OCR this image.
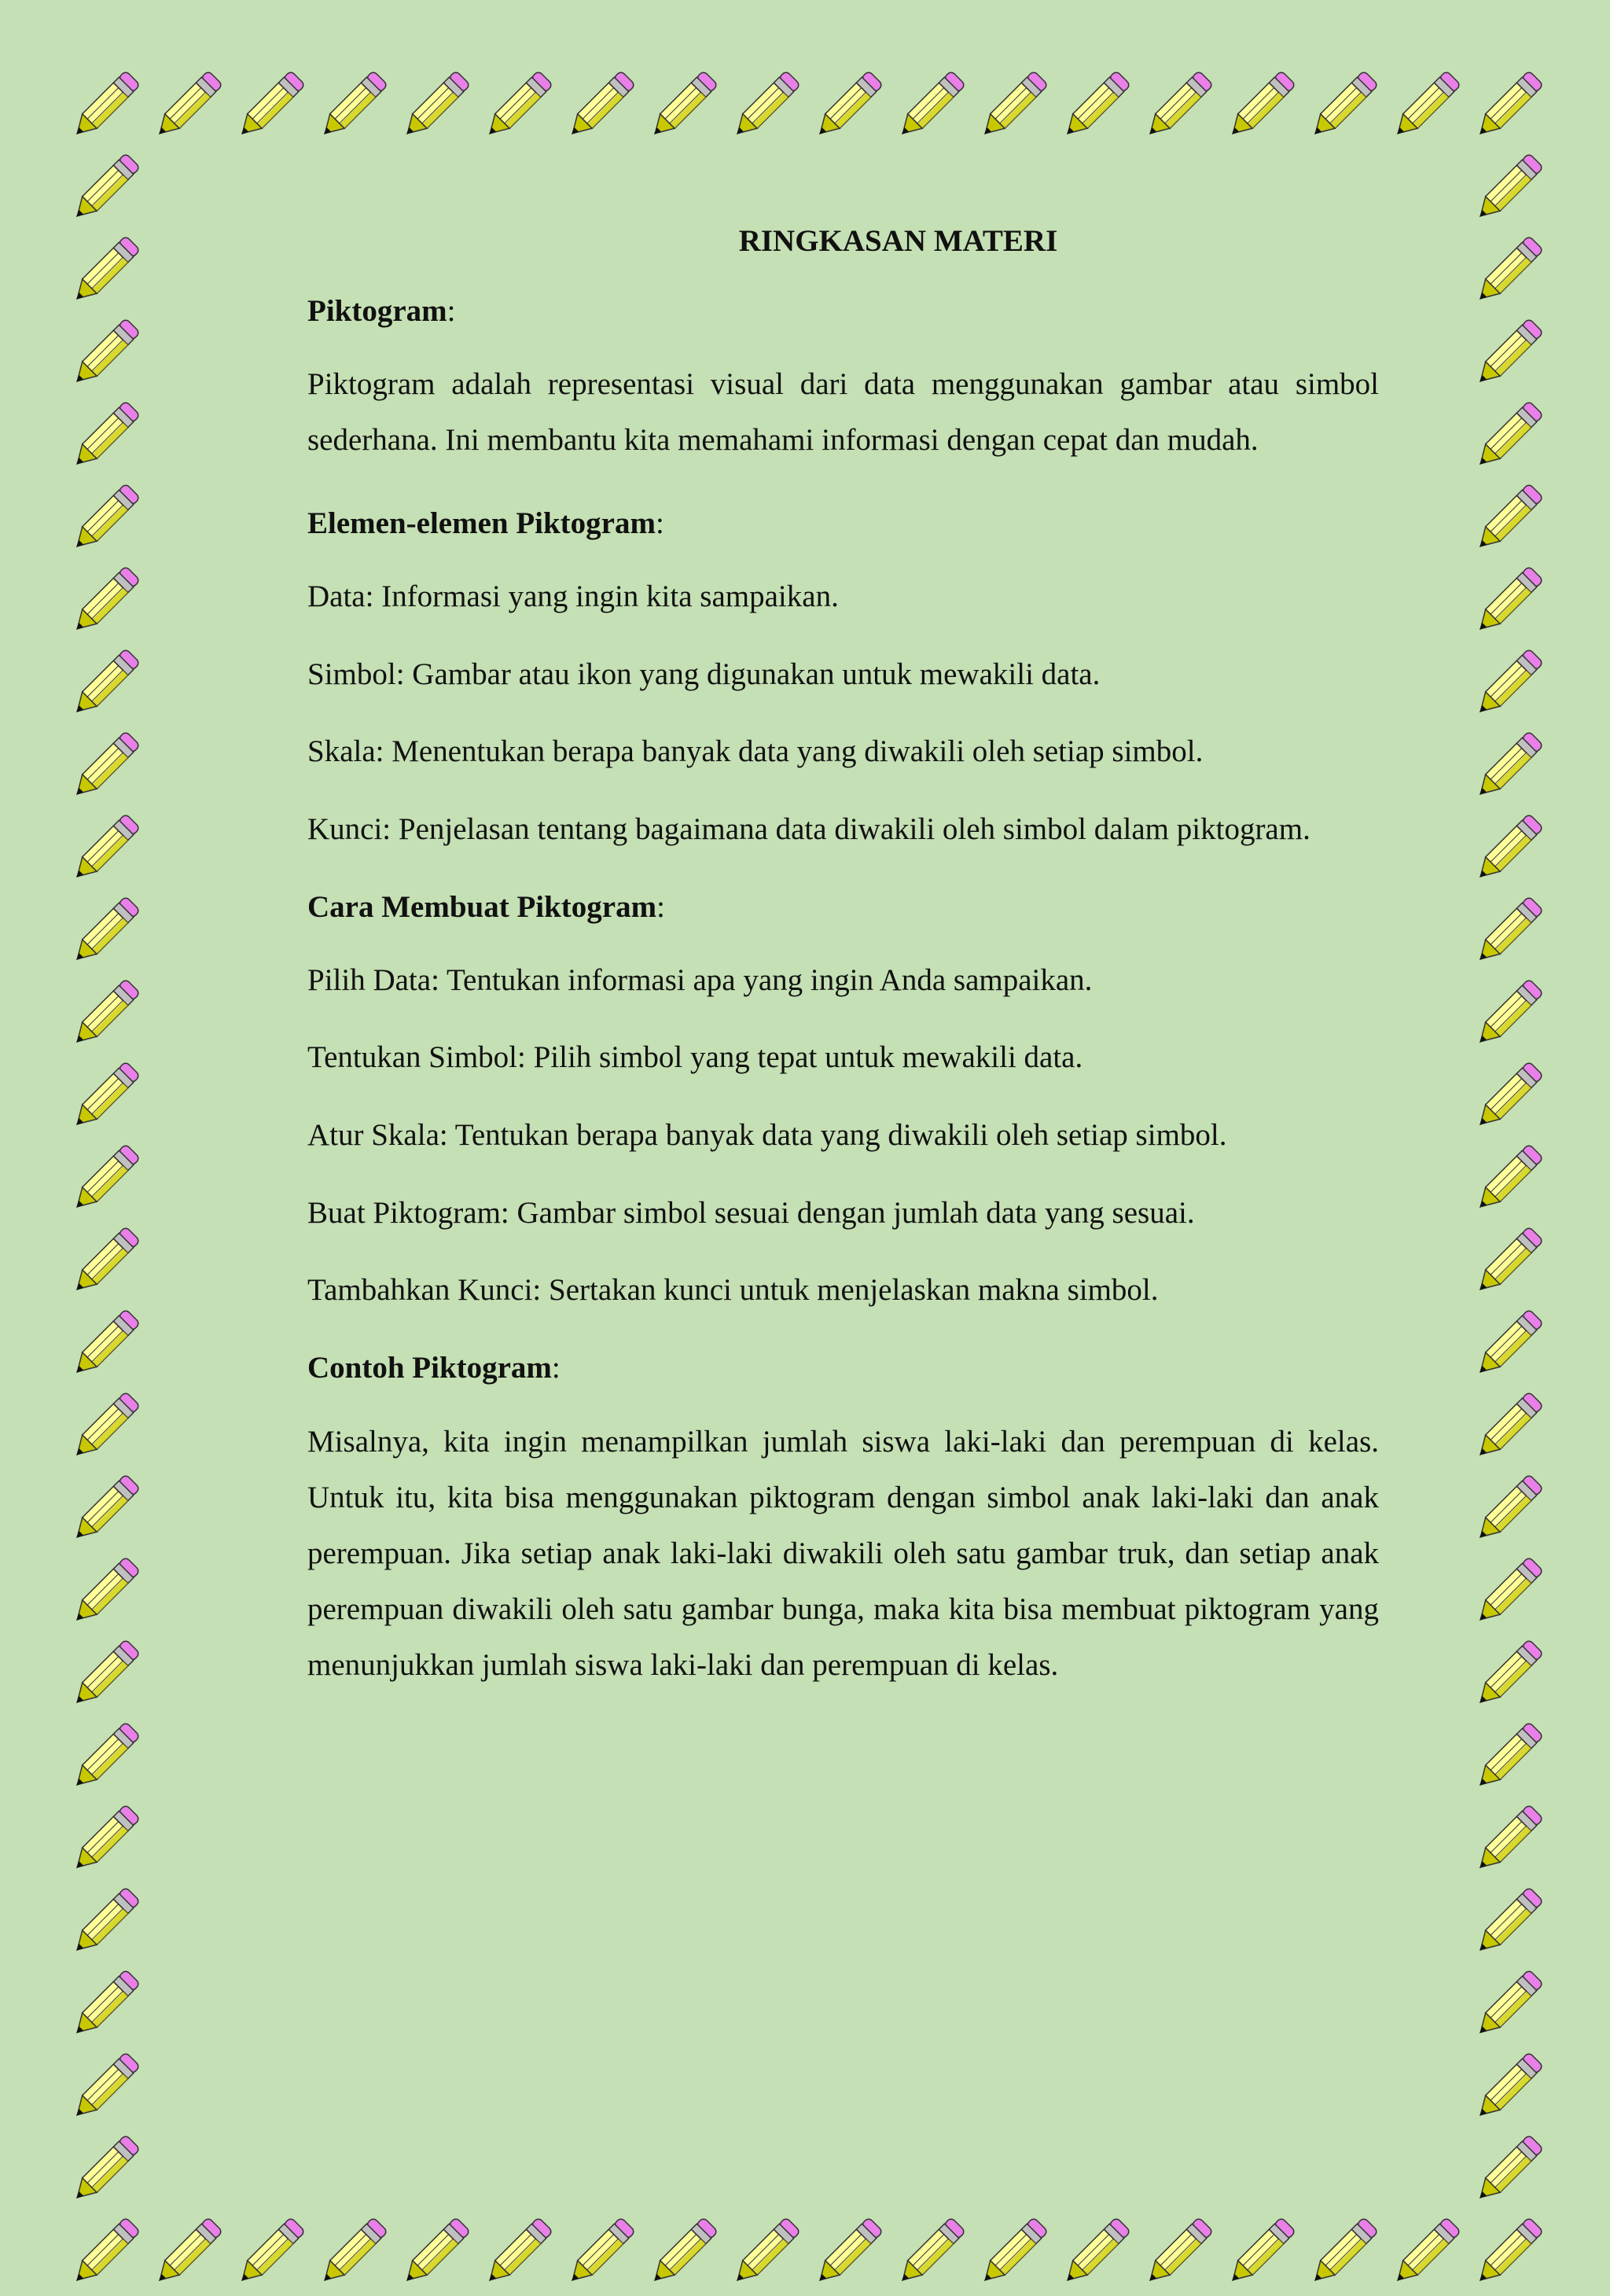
RINGKASAN MATERI
Piktogram:
Piktogram adalah representasi visual dari data menggunakan gambar atau simbol sederhana. Ini membantu kita memahami informasi dengan cepat dan mudah.
Elemen-elemen Piktogram:
Data: Informasi yang ingin kita sampaikan.
Simbol: Gambar atau ikon yang digunakan untuk mewakili data.
Skala: Menentukan berapa banyak data yang diwakili oleh setiap simbol.
Kunci: Penjelasan tentang bagaimana data diwakili oleh simbol dalam piktogram.
Cara Membuat Piktogram:
Pilih Data: Tentukan informasi apa yang ingin Anda sampaikan.
Tentukan Simbol: Pilih simbol yang tepat untuk mewakili data.
Atur Skala: Tentukan berapa banyak data yang diwakili oleh setiap simbol.
Buat Piktogram: Gambar simbol sesuai dengan jumlah data yang sesuai.
Tambahkan Kunci: Sertakan kunci untuk menjelaskan makna simbol.
Contoh Piktogram:
Misalnya, kita ingin menampilkan jumlah siswa laki-laki dan perempuan di kelas. Untuk itu, kita bisa menggunakan piktogram dengan simbol anak laki-laki dan anak perempuan. Jika setiap anak laki-laki diwakili oleh satu gambar truk, dan setiap anak perempuan diwakili oleh satu gambar bunga, maka kita bisa membuat piktogram yang menunjukkan jumlah siswa laki-laki dan perempuan di kelas.
